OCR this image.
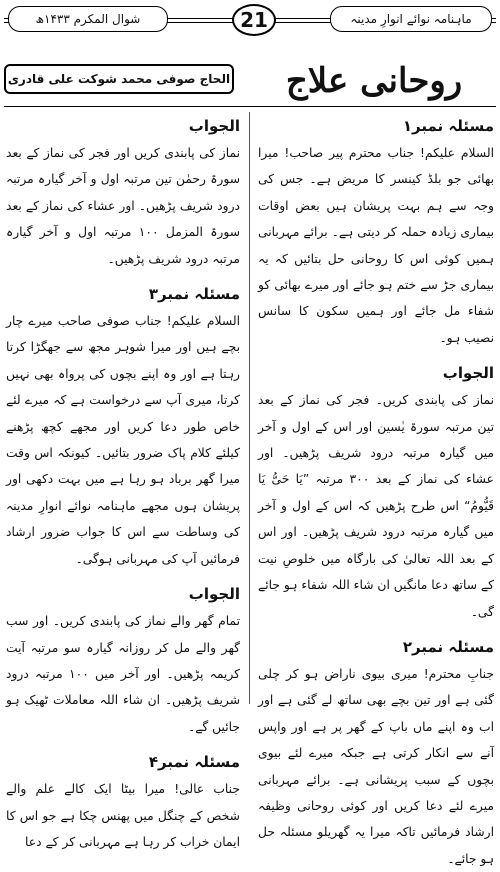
شوال المکرم ۱۴۳۳ھ	21	ماہنامہ نوائے انوارِ مدینہ
روحانی علاج
الحاج صوفی محمد شوکت علی قادری

مسئلہ نمبر۱

السلام علیکم! جناب محترم پیر صاحب! میرا بھائی جو بلڈ کینسر کا مریض ہے۔ جس کی وجہ سے ہم بہت پریشان ہیں بعض اوقات بیماری زیادہ حملہ کر دیتی ہے۔ برائے مہربانی ہمیں کوئی اس کا روحانی حل بتائیں کہ یہ بیماری جڑ سے ختم ہو جائے اور میرے بھائی کو شفاء مل جائے اور ہمیں سکون کا سانس نصیب ہو۔

الجواب

نماز کی پابندی کریں۔ فجر کی نماز کے بعد تین مرتبہ سورۃ یٰسین اور اس کے اول و آخر میں گیارہ مرتبہ درود شریف پڑھیں۔ اور عشاء کی نماز کے بعد ۳۰۰ مرتبہ ”یَا حَیُّ یَا قَیُّومُ“ اس طرح پڑھیں کہ اس کے اول و آخر میں گیارہ مرتبہ درود شریف پڑھیں۔ اور اس کے بعد اللہ تعالیٰ کی بارگاہ میں خلوصِ نیت کے ساتھ دعا مانگیں ان شاء اللہ شفاء ہو جائے گی۔

مسئلہ نمبر۲

جنابِ محترم! میری بیوی ناراض ہو کر چلی گئی ہے اور تین بچے بھی ساتھ لے گئی ہے اور اب وہ اپنے ماں باپ کے گھر پر ہے اور واپس آنے سے انکار کرتی ہے جبکہ میرے لئے بیوی بچوں کے سبب پریشانی ہے۔ برائے مہربانی میرے لئے دعا کریں اور کوئی روحانی وظیفہ ارشاد فرمائیں تاکہ میرا یہ گھریلو مسئلہ حل ہو جائے۔

الجواب

نماز کی پابندی کریں اور فجر کی نماز کے بعد سورۃ رحمٰن تین مرتبہ اول و آخر گیارہ مرتبہ درود شریف پڑھیں۔ اور عشاء کی نماز کے بعد سورۃ المزمل ۱۰۰ مرتبہ اول و آخر گیارہ مرتبہ درود شریف پڑھیں۔

مسئلہ نمبر۳

السلام علیکم! جناب صوفی صاحب میرے چار بچے ہیں اور میرا شوہر مجھ سے جھگڑا کرتا رہتا ہے اور وہ اپنے بچوں کی پرواہ بھی نہیں کرتا، میری آپ سے درخواست ہے کہ میرے لئے خاص طور دعا کریں اور مجھے کچھ پڑھنے کیلئے کلام پاک ضرور بتائیں۔ کیونکہ اس وقت میرا گھر برباد ہو رہا ہے میں بہت دکھی اور پریشان ہوں مجھے ماہنامہ نوائے انوارِ مدینہ کی وساطت سے اس کا جواب ضرور ارشاد فرمائیں آپ کی مہربانی ہوگی۔

الجواب

تمام گھر والے نماز کی پابندی کریں۔ اور سب گھر والے مل کر روزانہ گیارہ سو مرتبہ آیت کریمہ پڑھیں۔ اور آخر میں ۱۰۰ مرتبہ درود شریف پڑھیں۔ ان شاء اللہ معاملات ٹھیک ہو جائیں گے۔

مسئلہ نمبر۴

جناب عالی! میرا بیٹا ایک کالے علم والے شخص کے چنگل میں پھنس چکا ہے جو اس کا ایمان خراب کر رہا ہے مہربانی کر کے دعا
